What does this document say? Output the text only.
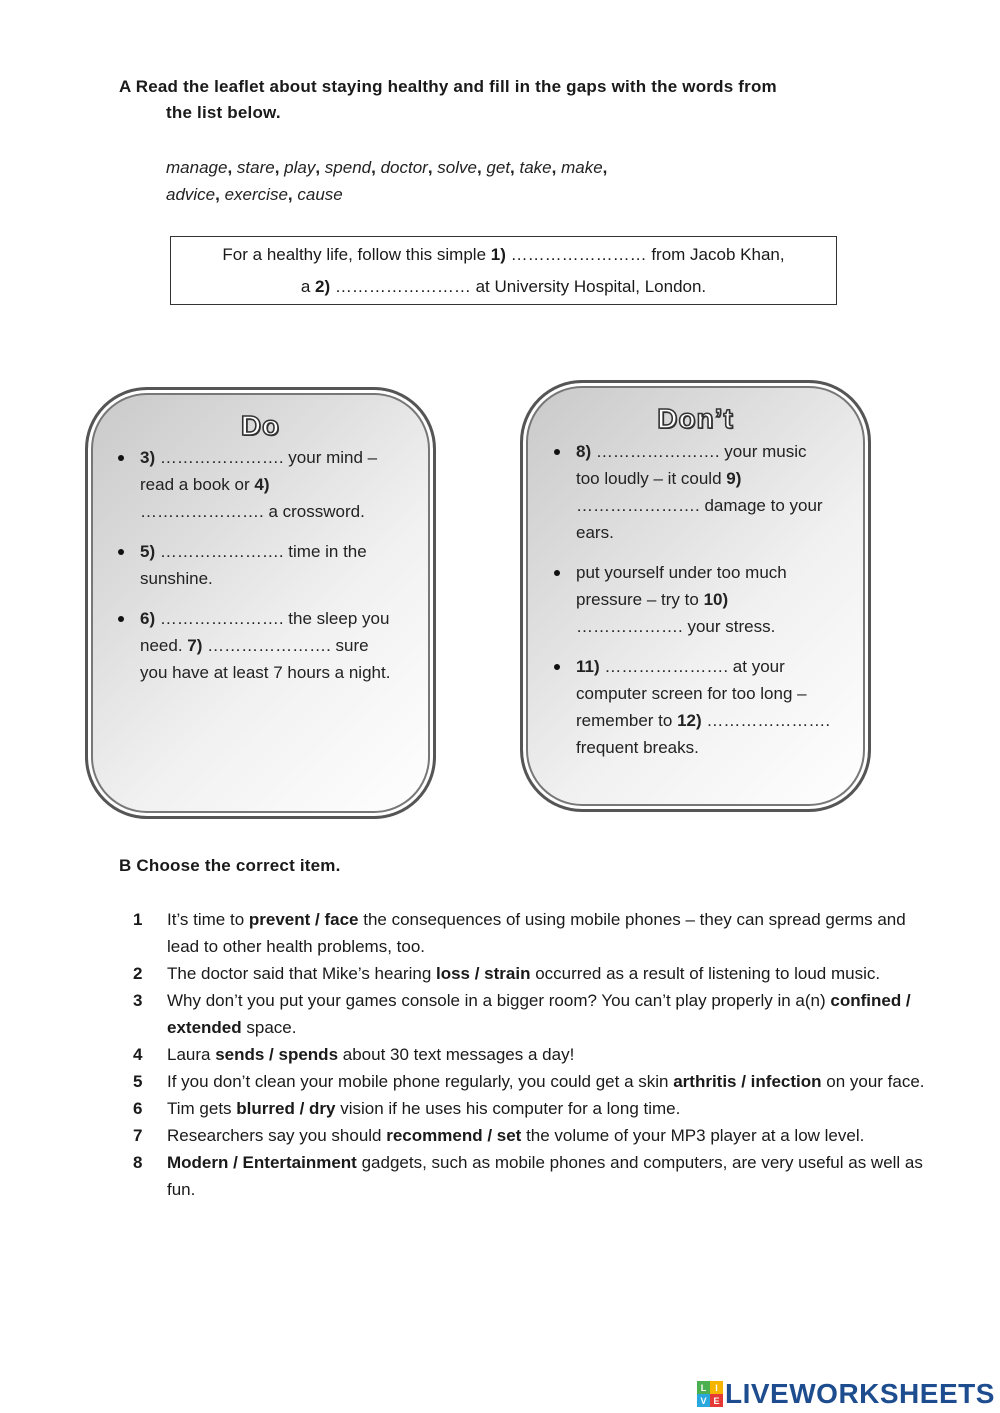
A Read the leaflet about staying healthy and fill in the gaps with the words from
the list below.
manage, stare, play, spend, doctor, solve, get, take, make,
advice, exercise, cause
For a healthy life, follow this simple 1) …………………… from Jacob Khan,
a 2) …………………… at University Hospital, London.
Do
3) …………………. your mind – read a book or 4) …………………. a crossword.
5) …………………. time in the sunshine.
6) …………………. the sleep you need. 7) …………………. sure you have at least 7 hours a night.
Don’t
8) …………………. your music too loudly – it could 9) …………………. damage to your ears.
put yourself under too much pressure – try to 10) ………………. your stress.
11) …………………. at your computer screen for too long – remember to 12) …………………. frequent breaks.
B Choose the correct item.
1 It’s time to prevent / face the consequences of using mobile phones – they can spread germs and lead to other health problems, too.
2 The doctor said that Mike’s hearing loss / strain occurred as a result of listening to loud music.
3 Why don’t you put your games console in a bigger room? You can’t play properly in a(n) confined / extended space.
4 Laura sends / spends about 30 text messages a day!
5 If you don’t clean your mobile phone regularly, you could get a skin arthritis / infection on your face.
6 Tim gets blurred / dry vision if he uses his computer for a long time.
7 Researchers say you should recommend / set the volume of your MP3 player at a low level.
8 Modern / Entertainment gadgets, such as mobile phones and computers, are very useful as well as fun.
L I
V E LIVEWORKSHEETS
